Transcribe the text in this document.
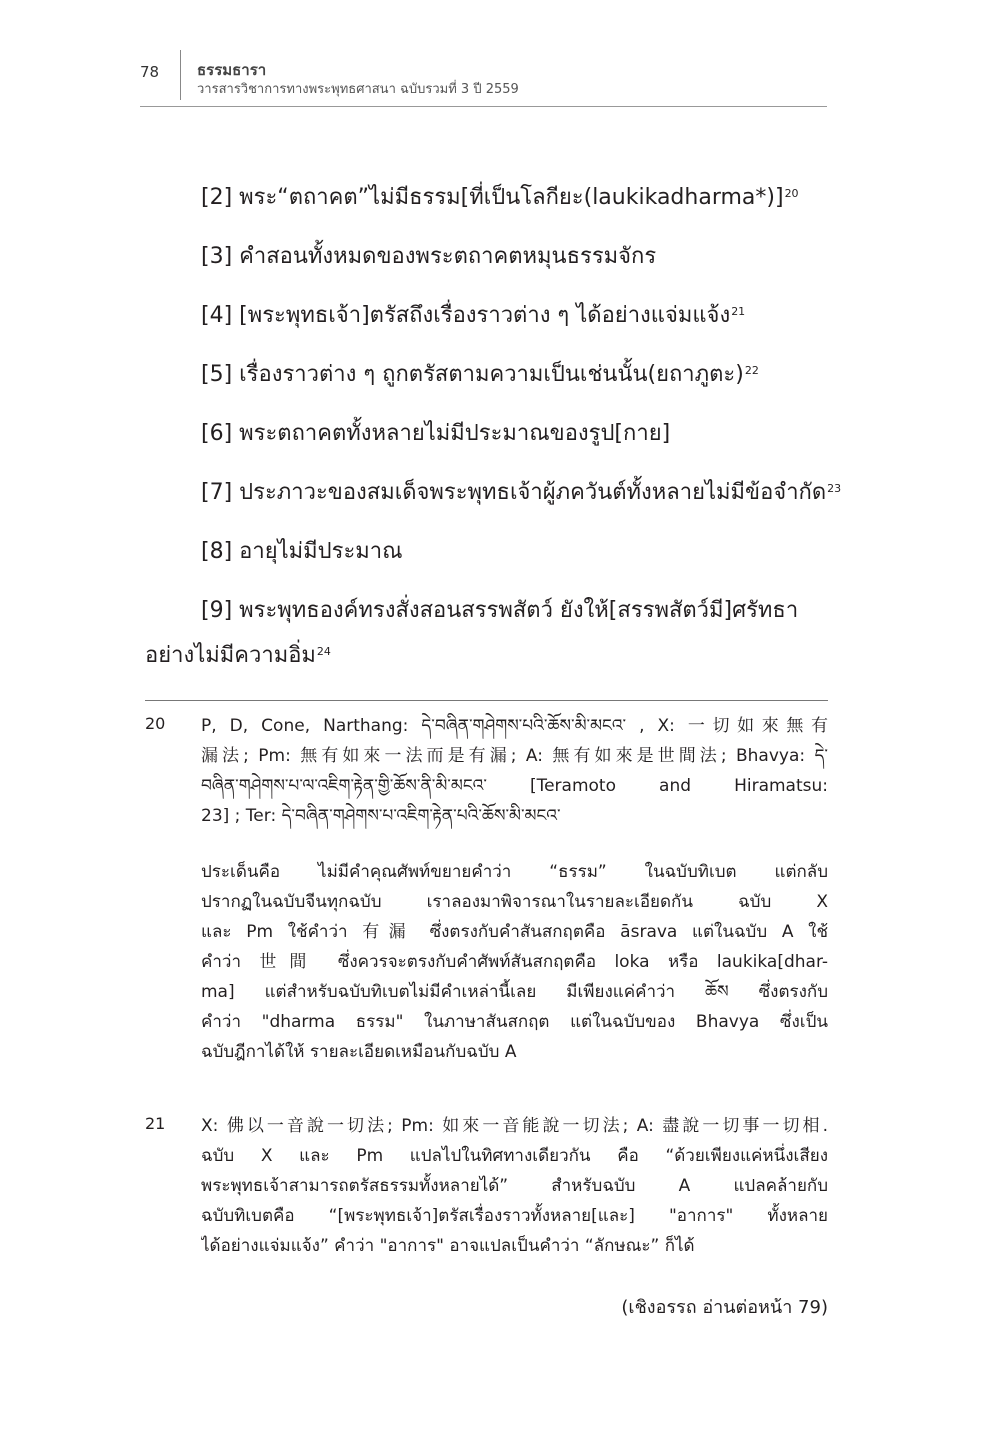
78	ธรรมธารา
วารสารวิชาการทางพระพุทธศาสนา ฉบับรวมที่ 3 ปี 2559
[2] พระ“ตถาคต”ไม่มีธรรม[ที่เป็นโลกียะ(laukikadharma*)]$^{20}$
[3] คำสอนทั้งหมดของพระตถาคตหมุนธรรมจักร
[4] [พระพุทธเจ้า]ตรัสถึงเรื่องราวต่าง ๆ ได้อย่างแจ่มแจ้ง$^{21}$
[5] เรื่องราวต่าง ๆ ถูกตรัสตามความเป็นเช่นนั้น(ยถาภูตะ)$^{22}$
[6] พระตถาคตทั้งหลายไม่มีประมาณของรูป[กาย]
[7] ประภาวะของสมเด็จพระพุทธเจ้าผู้ภควันต์ทั้งหลายไม่มีข้อจำกัด$^{23}$
[8] อายุไม่มีประมาณ
[9] พระพุทธองค์ทรงสั่งสอนสรรพสัตว์ ยังให้[สรรพสัตว์มี]ศรัทธา
อย่างไม่มีความอิ่ม$^{24}$
20 P, D, Cone, Narthang: དེ་བཞིན་གཤེགས་པའི་ཆོས་མི་མངའ་ , X: 一切如來無有
漏法; Pm: 無有如來一法而是有漏; A: 無有如來是世間法; Bhavya: དེ་
བཞིན་གཤེགས་པ་ལ་འཇིག་རྟེན་གྱི་ཆོས་ནི་མི་མངའ་ [Teramoto and Hiramatsu:
23] ; Ter: དེ་བཞིན་གཤེགས་པ་འཇིག་རྟེན་པའི་ཆོས་མི་མངའ་
ประเด็นคือ ไม่มีคำคุณศัพท์ขยายคำว่า “ธรรม” ในฉบับทิเบต แต่กลับ
ปรากฏในฉบับจีนทุกฉบับ เราลองมาพิจารณาในรายละเอียดกัน ฉบับ X
และ Pm ใช้คำว่า 有漏 ซึ่งตรงกับคำสันสกฤตคือ āsrava แต่ในฉบับ A ใช้
คำว่า 世間 ซึ่งควรจะตรงกับคำศัพท์สันสกฤตคือ loka หรือ laukika[dhar-
ma] แต่สำหรับฉบับทิเบตไม่มีคำเหล่านี้เลย มีเพียงแค่คำว่า ཆོས ซึ่งตรงกับ
คำว่า "dharma ธรรม" ในภาษาสันสกฤต แต่ในฉบับของ Bhavya ซึ่งเป็น
ฉบับฎีกาได้ให้ รายละเอียดเหมือนกับฉบับ A
21 X: 佛以一音說一切法; Pm: 如來一音能說一切法; A: 盡說一切事一切相.
ฉบับ X และ Pm แปลไปในทิศทางเดียวกัน คือ “ด้วยเพียงแค่หนึ่งเสียง
พระพุทธเจ้าสามารถตรัสธรรมทั้งหลายได้” สำหรับฉบับ A แปลคล้ายกับ
ฉบับทิเบตคือ “[พระพุทธเจ้า]ตรัสเรื่องราวทั้งหลาย[และ] "อาการ" ทั้งหลาย
ได้อย่างแจ่มแจ้ง” คำว่า "อาการ" อาจแปลเป็นคำว่า “ลักษณะ” ก็ได้
(เชิงอรรถ อ่านต่อหน้า 79)
